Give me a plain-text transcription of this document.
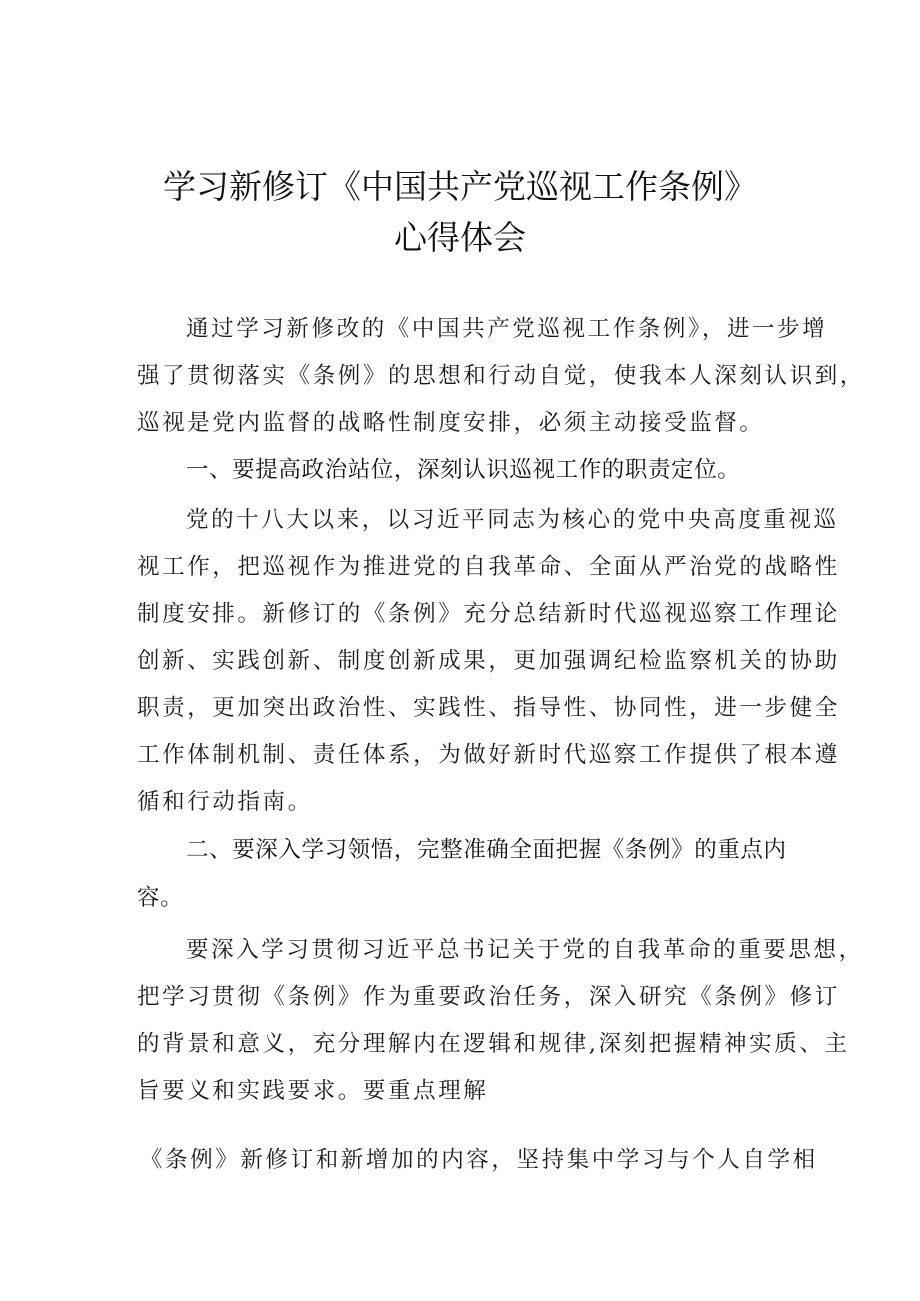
学习新修订《中国共产党巡视工作条例》
心得体会
通过学习新修改的《中国共产党巡视工作条例》，进一步增
强了贯彻落实《条例》的思想和行动自觉，使我本人深刻认识到，
巡视是党内监督的战略性制度安排，必须主动接受监督。
一、要提高政治站位，深刻认识巡视工作的职责定位。
党的十八大以来，以习近平同志为核心的党中央高度重视巡
视工作，把巡视作为推进党的自我革命、全面从严治党的战略性
制度安排。新修订的《条例》充分总结新时代巡视巡察工作理论
创新、实践创新、制度创新成果，更加强调纪检监察机关的协助
职责，更加突出政治性、实践性、指导性、协同性，进一步健全
工作体制机制、责任体系，为做好新时代巡察工作提供了根本遵
循和行动指南。
二、要深入学习领悟，完整准确全面把握《条例》的重点内
容。
要深入学习贯彻习近平总书记关于党的自我革命的重要思想，
把学习贯彻《条例》作为重要政治任务，深入研究《条例》修订
的背景和意义，充分理解内在逻辑和规律,深刻把握精神实质、主
旨要义和实践要求。要重点理解
《条例》新修订和新增加的内容，坚持集中学习与个人自学相
